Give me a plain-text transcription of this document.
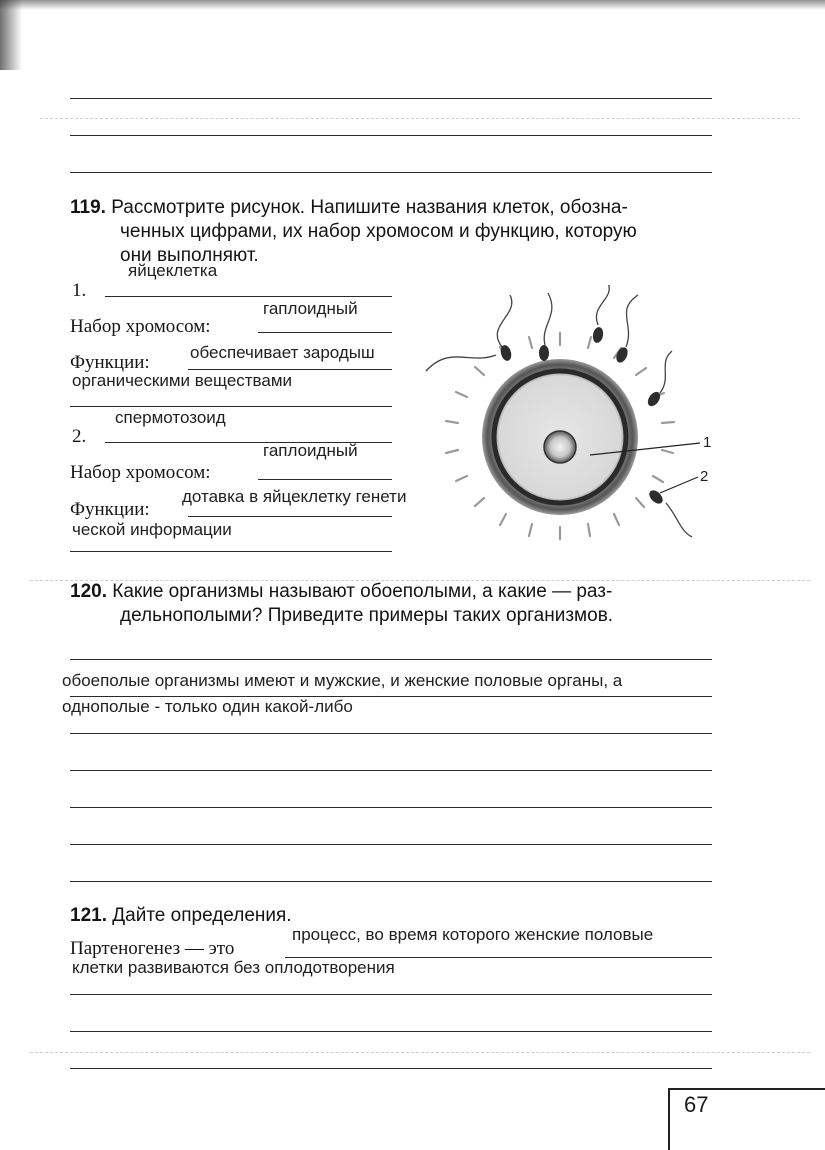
119. Рассмотрите рисунок. Напишите названия клеток, обозна-
ченных цифрами, их набор хромосом и функцию, которую
они выполняют.
яйцеклетка
1.
гаплоидный
Набор хромосом:
обеспечивает зародыш
Функции:
органическими веществами
спермотозоид
2.
гаплоидный
Набор хромосом:
дотавка в яйцеклетку генети
Функции:
ческой информации
1
2
120. Какие организмы называют обоеполыми, а какие — раз-
дельнополыми? Приведите примеры таких организмов.
обоеполые организмы имеют и мужские, и женские половые органы, а
однополые - только один какой-либо
121. Дайте определения.
процесс, во время которого женские половые
Партеногенез — это
клетки развиваются без оплодотворения
67
